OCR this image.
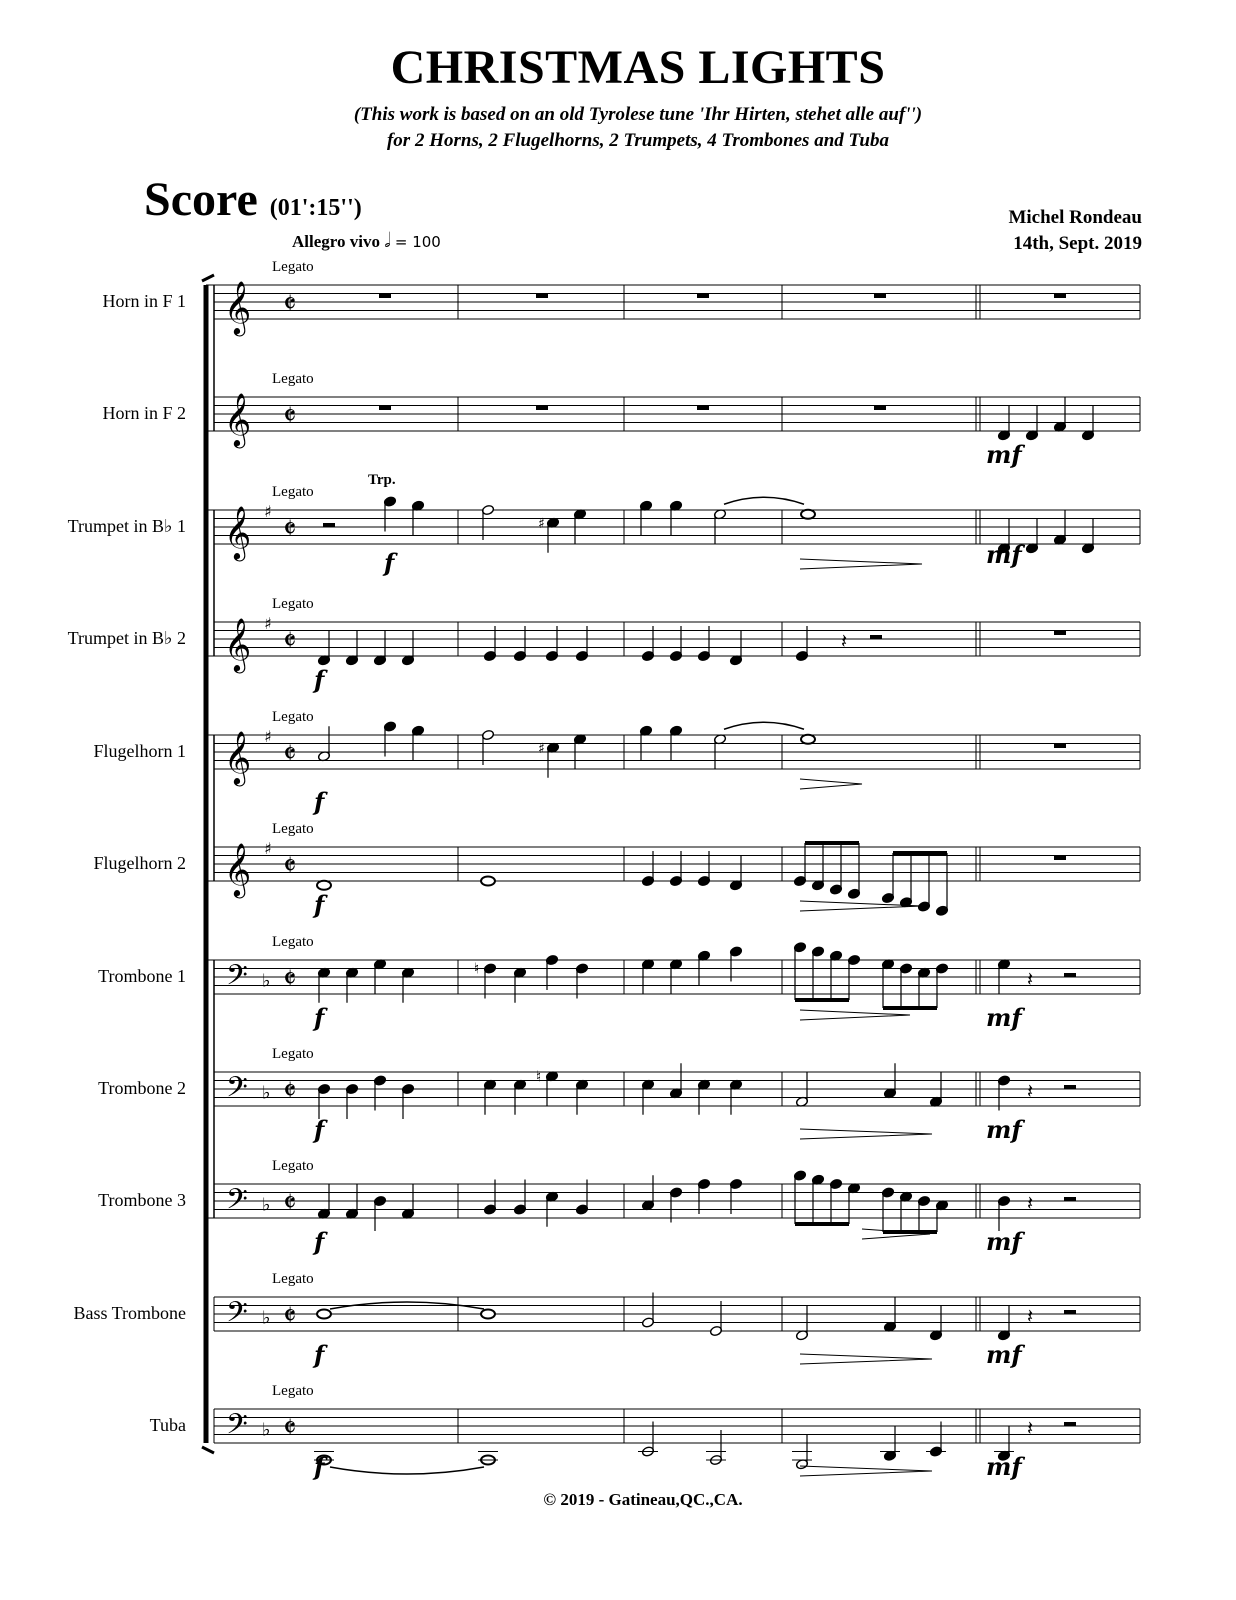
CHRISTMAS LIGHTS
(This work is based on an old Tyrolese tune 'Ihr Hirten, stehet alle auf'')
for 2 Horns, 2 Flugelhorns, 2 Trumpets, 4 Trombones and Tuba
Score (01':15'')	Michel Rondeau
14th, Sept. 2019
Allegro vivo 𝅗𝅥 = 100
Horn in F 1
Legato
Horn in F 2
Legato
Trumpet in B♭ 1
Legato
Trumpet in B♭ 2
Legato
Flugelhorn 1
Legato
Flugelhorn 2
Legato
Trombone 1
Legato
Trombone 2
Legato
Trombone 3
Legato
Bass Trombone
Legato
Tuba
Legato
Trp.
𝄞 𝄵
𝄞 𝄵
𝄞 ♯
𝄵
𝄞 ♯
𝄵
𝄞 ♯
𝄵
𝄞 ♯
𝄵
𝄢 ♭ 𝄵
𝄢 ♭ 𝄵
𝄢 ♭ 𝄵
𝄢 ♭ 𝄵
𝄢 ♭ 𝄵
mf
♯
f	mf
𝄽
f
♯
f
f
♮
f
𝄽
mf
♮
f
𝄽
mf
f
𝄽
mf
f
𝄽
mf
f
𝄽
mf
© 2019 - Gatineau,QC.,CA.
